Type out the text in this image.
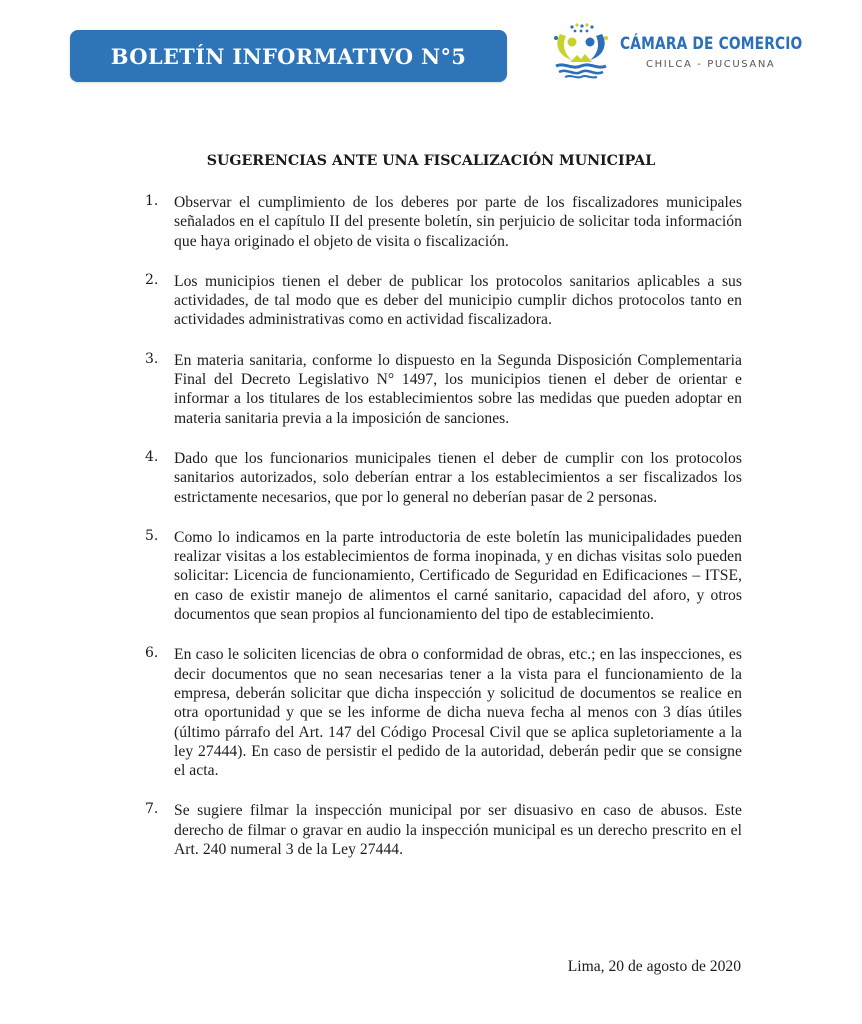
BOLETÍN INFORMATIVO N°5	CÁMARA DE COMERCIO
CHILCA - PUCUSANA
SUGERENCIAS ANTE UNA FISCALIZACIÓN MUNICIPAL
1. Observar el cumplimiento de los deberes por parte de los fiscalizadores municipales señalados en el capítulo II del presente boletín, sin perjuicio de solicitar toda información que haya originado el objeto de visita o fiscalización.
2. Los municipios tienen el deber de publicar los protocolos sanitarios aplicables a sus actividades, de tal modo que es deber del municipio cumplir dichos protocolos tanto en actividades administrativas como en actividad fiscalizadora.
3. En materia sanitaria, conforme lo dispuesto en la Segunda Disposición Complementaria Final del Decreto Legislativo N° 1497, los municipios tienen el deber de orientar e informar a los titulares de los establecimientos sobre las medidas que pueden adoptar en materia sanitaria previa a la imposición de sanciones.
4. Dado que los funcionarios municipales tienen el deber de cumplir con los protocolos sanitarios autorizados, solo deberían entrar a los establecimientos a ser fiscalizados los estrictamente necesarios, que por lo general no deberían pasar de 2 personas.
5. Como lo indicamos en la parte introductoria de este boletín las municipalidades pueden realizar visitas a los establecimientos de forma inopinada, y en dichas visitas solo pueden solicitar: Licencia de funcionamiento, Certificado de Seguridad en Edificaciones – ITSE, en caso de existir manejo de alimentos el carné sanitario, capacidad del aforo, y otros documentos que sean propios al funcionamiento del tipo de establecimiento.
6. En caso le soliciten licencias de obra o conformidad de obras, etc.; en las inspecciones, es decir documentos que no sean necesarias tener a la vista para el funcionamiento de la empresa, deberán solicitar que dicha inspección y solicitud de documentos se realice en otra oportunidad y que se les informe de dicha nueva fecha al menos con 3 días útiles (último párrafo del Art. 147 del Código Procesal Civil que se aplica supletoriamente a la ley 27444). En caso de persistir el pedido de la autoridad, deberán pedir que se consigne el acta.
7. Se sugiere filmar la inspección municipal por ser disuasivo en caso de abusos. Este derecho de filmar o gravar en audio la inspección municipal es un derecho prescrito en el Art. 240 numeral 3 de la Ley 27444.
Lima, 20 de agosto de 2020
